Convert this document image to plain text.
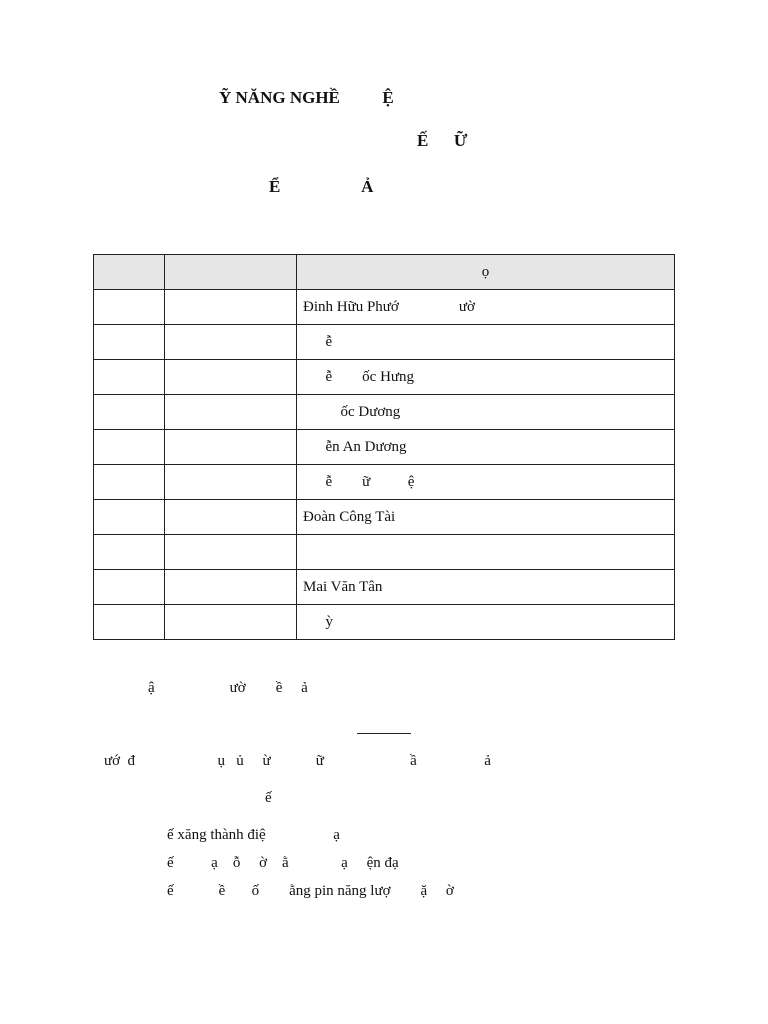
Ỹ NĂNG NGHỀ          Ệ
Ế      Ữ
Ể                   Ả
		ọ
		Đinh Hữu Phướ                ườ
		ễ
		ễ        ốc Hưng
		ốc Dương
		ễn An Dương
		ễ        ữ          ệ
		Đoàn Công Tài

		Mai Văn Tân
		ỳ
ậ                    ườ        ề     ả
ướ  đ                      ụ   ủ     ừ            ữ                       ầ                  ả
ế
ế xăng thành điệ                  ạ
ế          ạ    ỗ     ờ    ằ              ạ     ện đạ
ế            ề       ố        ằng pin năng lượ        ặ     ờ
